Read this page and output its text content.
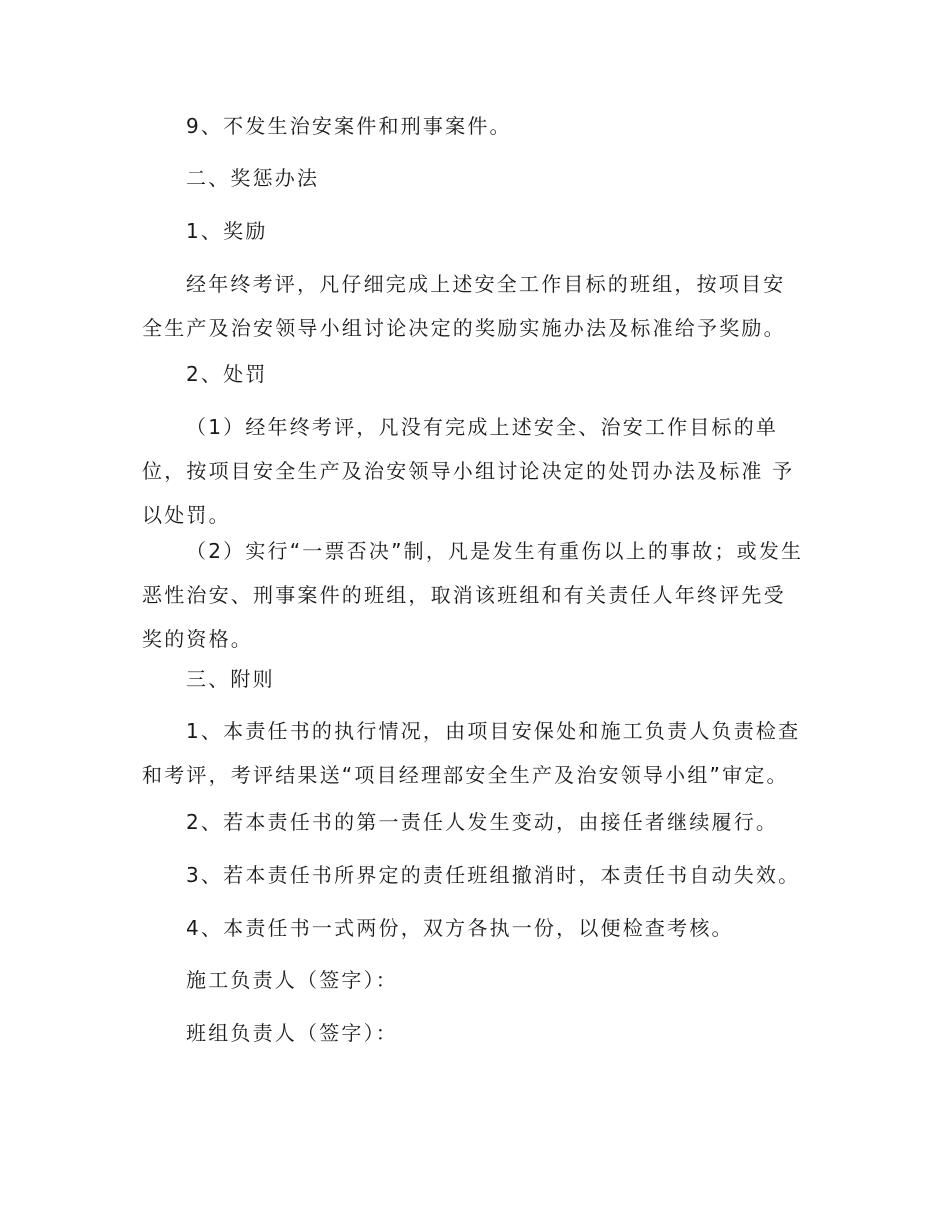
9、不发生治安案件和刑事案件。

二、奖惩办法

1、奖励

经年终考评，凡仔细完成上述安全工作目标的班组，按项目安全生产及治安领导小组讨论决定的奖励实施办法及标准给予奖励。

2、处罚

（1）经年终考评，凡没有完成上述安全、治安工作目标的单位，按项目安全生产及治安领导小组讨论决定的处罚办法及标准 予以处罚。

（2）实行“一票否决”制，凡是发生有重伤以上的事故；或发生恶性治安、刑事案件的班组，取消该班组和有关责任人年终评先受奖的资格。

三、附则

1、本责任书的执行情况，由项目安保处和施工负责人负责检查和考评，考评结果送“项目经理部安全生产及治安领导小组”审定。

2、若本责任书的第一责任人发生变动，由接任者继续履行。

3、若本责任书所界定的责任班组撤消时，本责任书自动失效。

4、本责任书一式两份，双方各执一份，以便检查考核。

施工负责人（签字）：

班组负责人（签字）：
